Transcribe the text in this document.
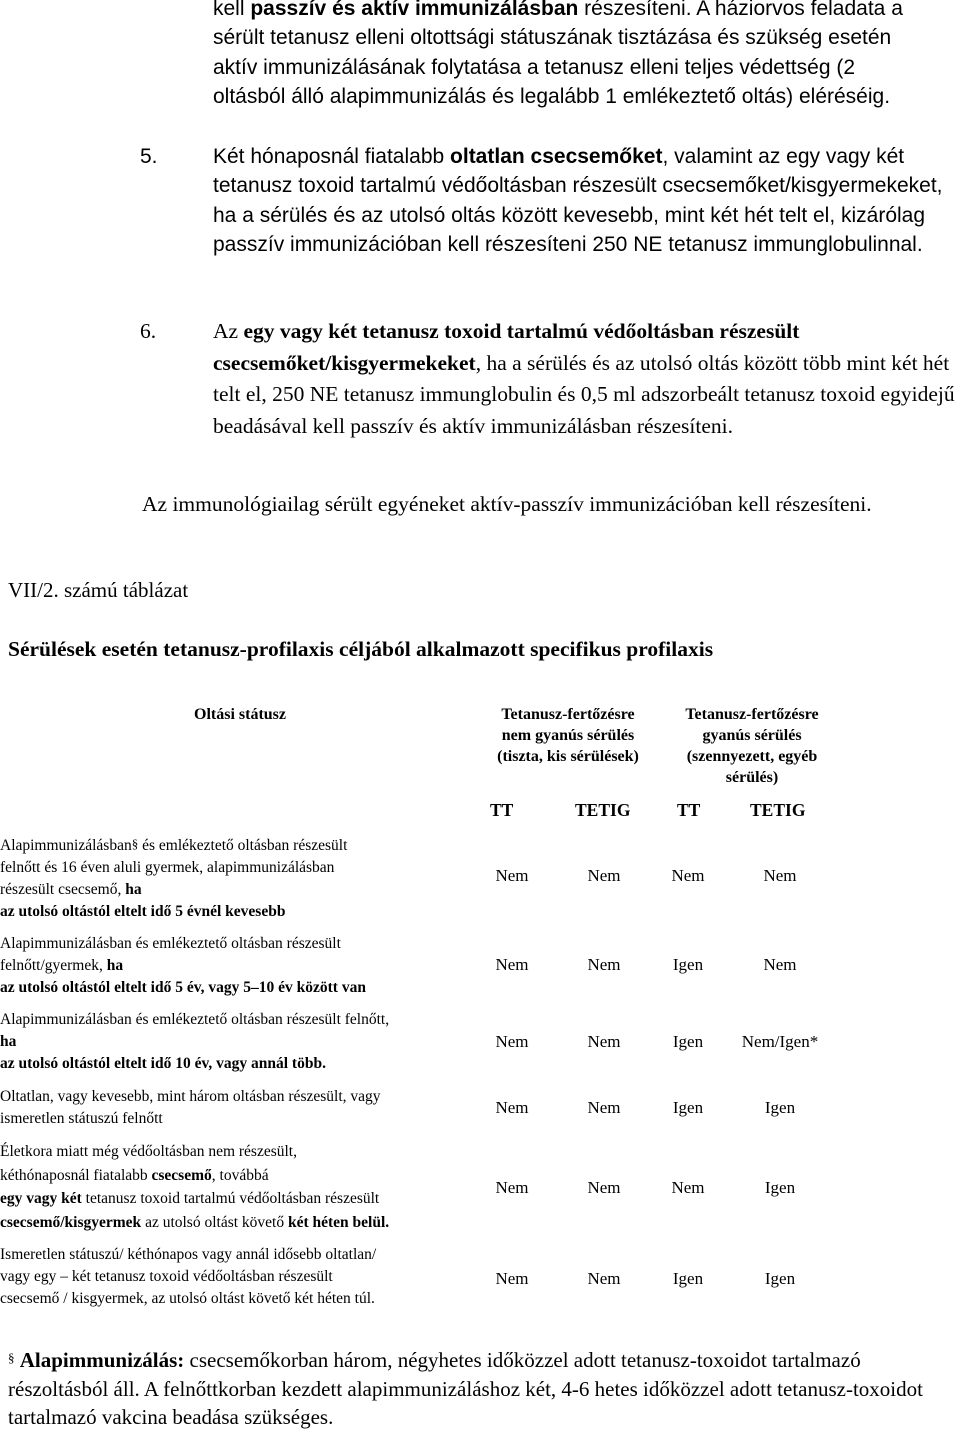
kell passzív és aktív immunizálásban részesíteni. A háziorvos feladata a
sérült tetanusz elleni oltottsági státuszának tisztázása és szükség esetén
aktív immunizálásának folytatása a tetanusz elleni teljes védettség (2
oltásból álló alapimmunizálás és legalább 1 emlékeztető oltás) eléréséig.
5.	Két hónaposnál fiatalabb oltatlan csecsemőket, valamint az egy vagy két tetanusz toxoid tartalmú védőoltásban részesült csecsemőket/kisgyermekeket, ha a sérülés és az utolsó oltás között kevesebb, mint két hét telt el, kizárólag passzív immunizációban kell részesíteni 250 NE tetanusz immunglobulinnal.
6.	Az egy vagy két tetanusz toxoid tartalmú védőoltásban részesült csecsemőket/kisgyermekeket, ha a sérülés és az utolsó oltás között több mint két hét telt el, 250 NE tetanusz immunglobulin és 0,5 ml adszorbeált tetanusz toxoid egyidejű beadásával kell passzív és aktív immunizálásban részesíteni.
Az immunológiailag sérült egyéneket aktív-passzív immunizációban kell részesíteni.
VII/2. számú táblázat
Sérülések esetén tetanusz-profilaxis céljából alkalmazott specifikus profilaxis
Oltási státusz	Tetanusz-fertőzésre
nem gyanús sérülés
(tiszta, kis sérülések)
Tetanusz-fertőzésre
gyanús sérülés
(szennyezett, egyéb
sérülés)
TT	TETIG	TT	TETIG
Alapimmunizálásban§ és emlékeztető oltásban részesült
felnőtt és 16 éven aluli gyermek, alapimmunizálásban
részesült csecsemő, ha
az utolsó oltástól eltelt idő 5 évnél kevesebb
Nem	Nem	Nem	Nem
Alapimmunizálásban és emlékeztető oltásban részesült
felnőtt/gyermek, ha
az utolsó oltástól eltelt idő 5 év, vagy 5–10 év között van
Nem	Nem	Igen	Nem
Alapimmunizálásban és emlékeztető oltásban részesült felnőtt,
ha
az utolsó oltástól eltelt idő 10 év, vagy annál több.
Nem	Nem	Igen	Nem/Igen*
Oltatlan, vagy kevesebb, mint három oltásban részesült, vagy
ismeretlen státuszú felnőtt
Nem	Nem	Igen	Igen
Életkora miatt még védőoltásban nem részesült,
kéthónaposnál fiatalabb csecsemő, továbbá
egy vagy két tetanusz toxoid tartalmú védőoltásban részesült
csecsemő/kisgyermek az utolsó oltást követő két héten belül.
Nem	Nem	Nem	Igen
Ismeretlen státuszú/ kéthónapos vagy annál idősebb oltatlan/
vagy egy – két tetanusz toxoid védőoltásban részesült
csecsemő / kisgyermek, az utolsó oltást követő két héten túl.
Nem	Nem	Igen	Igen
§ Alapimmunizálás: csecsemőkorban három, négyhetes időközzel adott tetanusz-toxoidot tartalmazó részoltásból áll. A felnőttkorban kezdett alapimmunizáláshoz két, 4-6 hetes időközzel adott tetanusz-toxoidot tartalmazó vakcina beadása szükséges.
